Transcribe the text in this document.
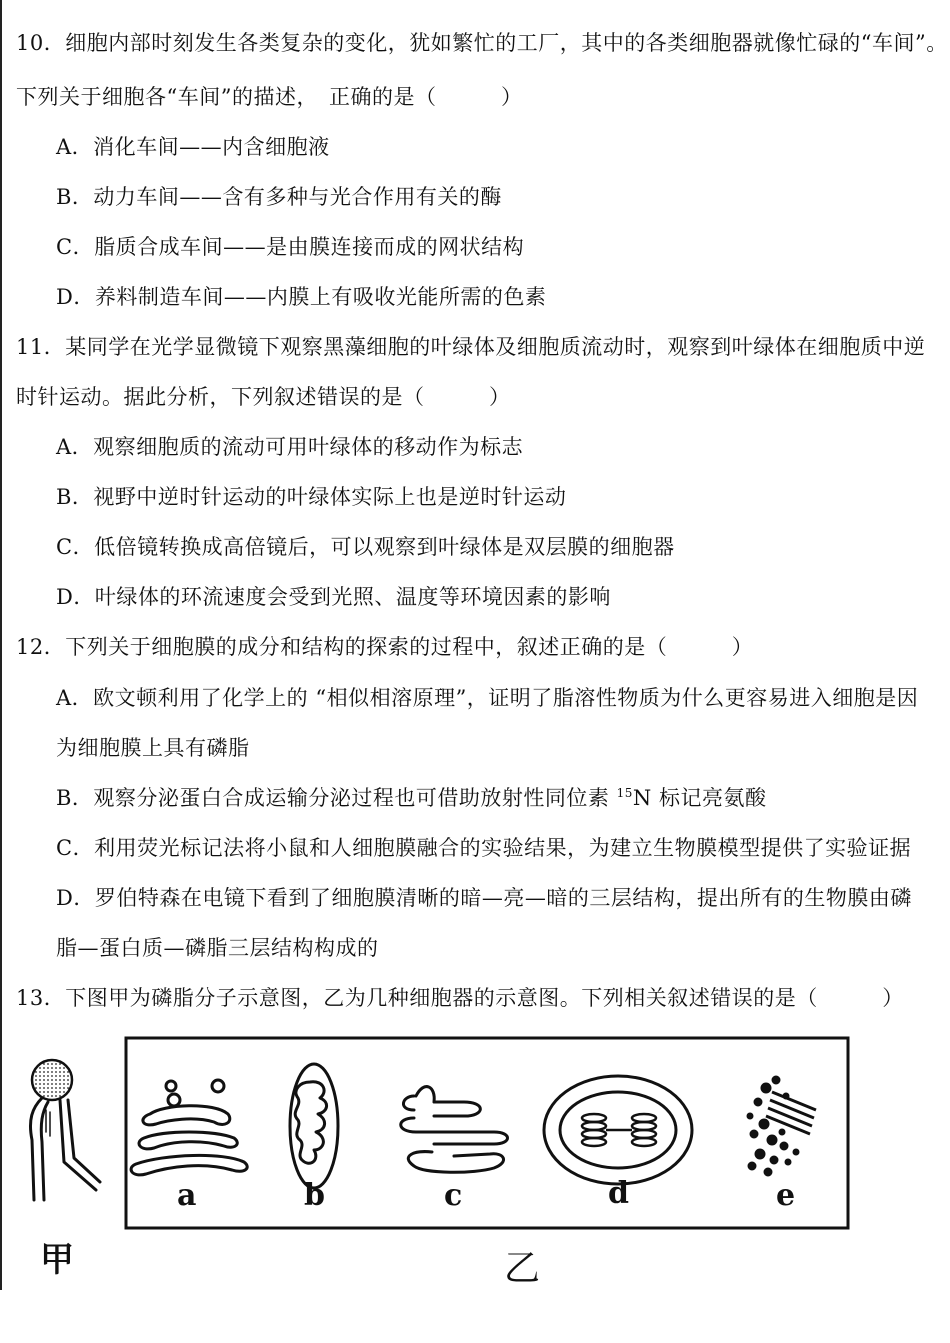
10．细胞内部时刻发生各类复杂的变化，犹如繁忙的工厂，其中的各类细胞器就像忙碌的“车间”。
下列关于细胞各“车间”的描述，　正确的是（　　　）
A．消化车间——内含细胞液
B．动力车间——含有多种与光合作用有关的酶
C．脂质合成车间——是由膜连接而成的网状结构
D．养料制造车间——内膜上有吸收光能所需的色素
11．某同学在光学显微镜下观察黑藻细胞的叶绿体及细胞质流动时，观察到叶绿体在细胞质中逆
时针运动。据此分析，下列叙述错误的是（　　　）
A．观察细胞质的流动可用叶绿体的移动作为标志
B．视野中逆时针运动的叶绿体实际上也是逆时针运动
C．低倍镜转换成高倍镜后，可以观察到叶绿体是双层膜的细胞器
D．叶绿体的环流速度会受到光照、温度等环境因素的影响
12．下列关于细胞膜的成分和结构的探索的过程中，叙述正确的是（　　　）
A．欧文顿利用了化学上的 “相似相溶原理”，证明了脂溶性物质为什么更容易进入细胞是因
为细胞膜上具有磷脂
B．观察分泌蛋白合成运输分泌过程也可借助放射性同位素 $^{15}$N 标记亮氨酸
C．利用荧光标记法将小鼠和人细胞膜融合的实验结果，为建立生物膜模型提供了实验证据
D．罗伯特森在电镜下看到了细胞膜清晰的暗—亮—暗的三层结构，提出所有的生物膜由磷
脂—蛋白质—磷脂三层结构构成的
13．下图甲为磷脂分子示意图，乙为几种细胞器的示意图。下列相关叙述错误的是（　　　）
甲
a	b	c	d	e
乙
